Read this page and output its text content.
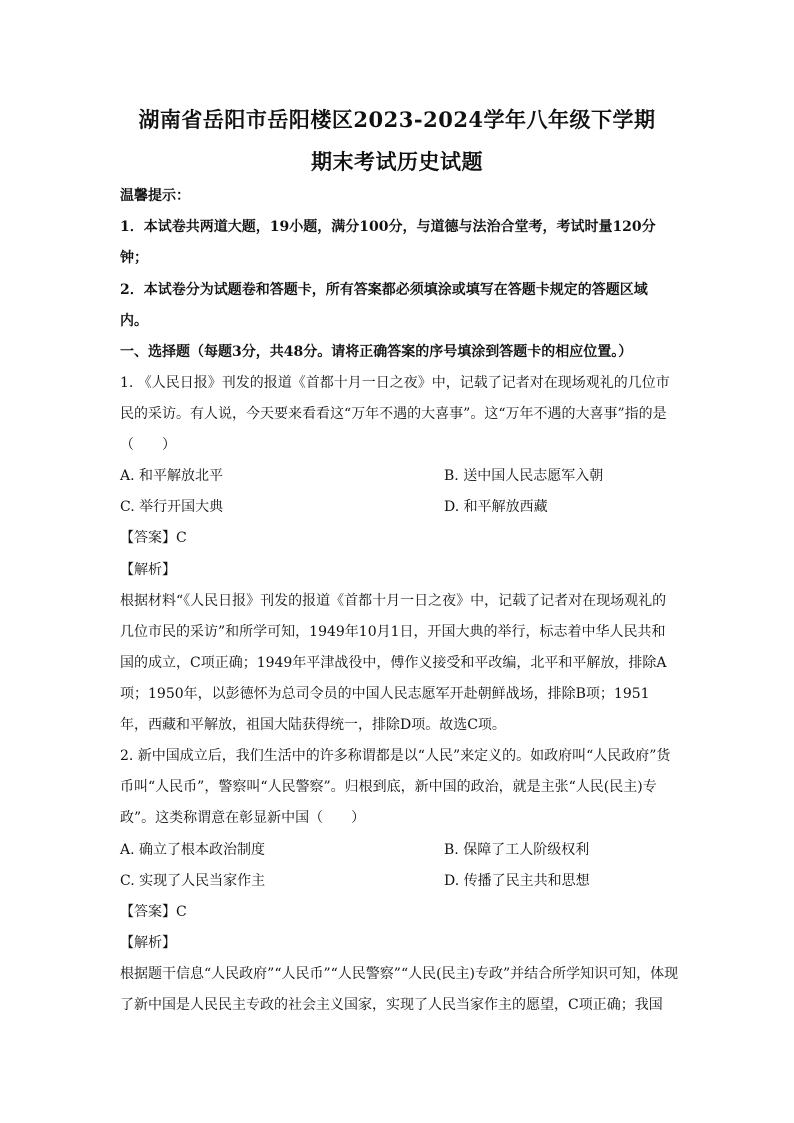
湖南省岳阳市岳阳楼区2023-2024学年八年级下学期
期末考试历史试题
温馨提示：
1．本试卷共两道大题，19小题，满分100分，与道德与法治合堂考，考试时量120分
钟；
2．本试卷分为试题卷和答题卡，所有答案都必须填涂或填写在答题卡规定的答题区域
内。
一、选择题（每题3分，共48分。请将正确答案的序号填涂到答题卡的相应位置。）
1. 《人民日报》刊发的报道《首都十月一日之夜》中，记载了记者对在现场观礼的几位市
民的采访。有人说，今天要来看看这“万年不遇的大喜事”。这“万年不遇的大喜事”指的是
（　　）
A. 和平解放北平	B. 送中国人民志愿军入朝
C. 举行开国大典	D. 和平解放西藏
【答案】C
【解析】
根据材料“《人民日报》刊发的报道《首都十月一日之夜》中，记载了记者对在现场观礼的
几位市民的采访”和所学可知，1949年10月1日，开国大典的举行，标志着中华人民共和
国的成立，C项正确；1949年平津战役中，傅作义接受和平改编，北平和平解放，排除A
项；1950年，以彭德怀为总司令员的中国人民志愿军开赴朝鲜战场，排除B项；1951
年，西藏和平解放，祖国大陆获得统一，排除D项。故选C项。
2. 新中国成立后，我们生活中的许多称谓都是以“人民”来定义的。如政府叫“人民政府”货
币叫“人民币”，警察叫“人民警察”。归根到底，新中国的政治，就是主张“人民(民主)专
政”。这类称谓意在彰显新中国（　　）
A. 确立了根本政治制度	B. 保障了工人阶级权利
C. 实现了人民当家作主	D. 传播了民主共和思想
【答案】C
【解析】
根据题干信息“人民政府”“人民币”“人民警察”“人民(民主)专政”并结合所学知识可知，体现
了新中国是人民民主专政的社会主义国家，实现了人民当家作主的愿望，C项正确；我国
